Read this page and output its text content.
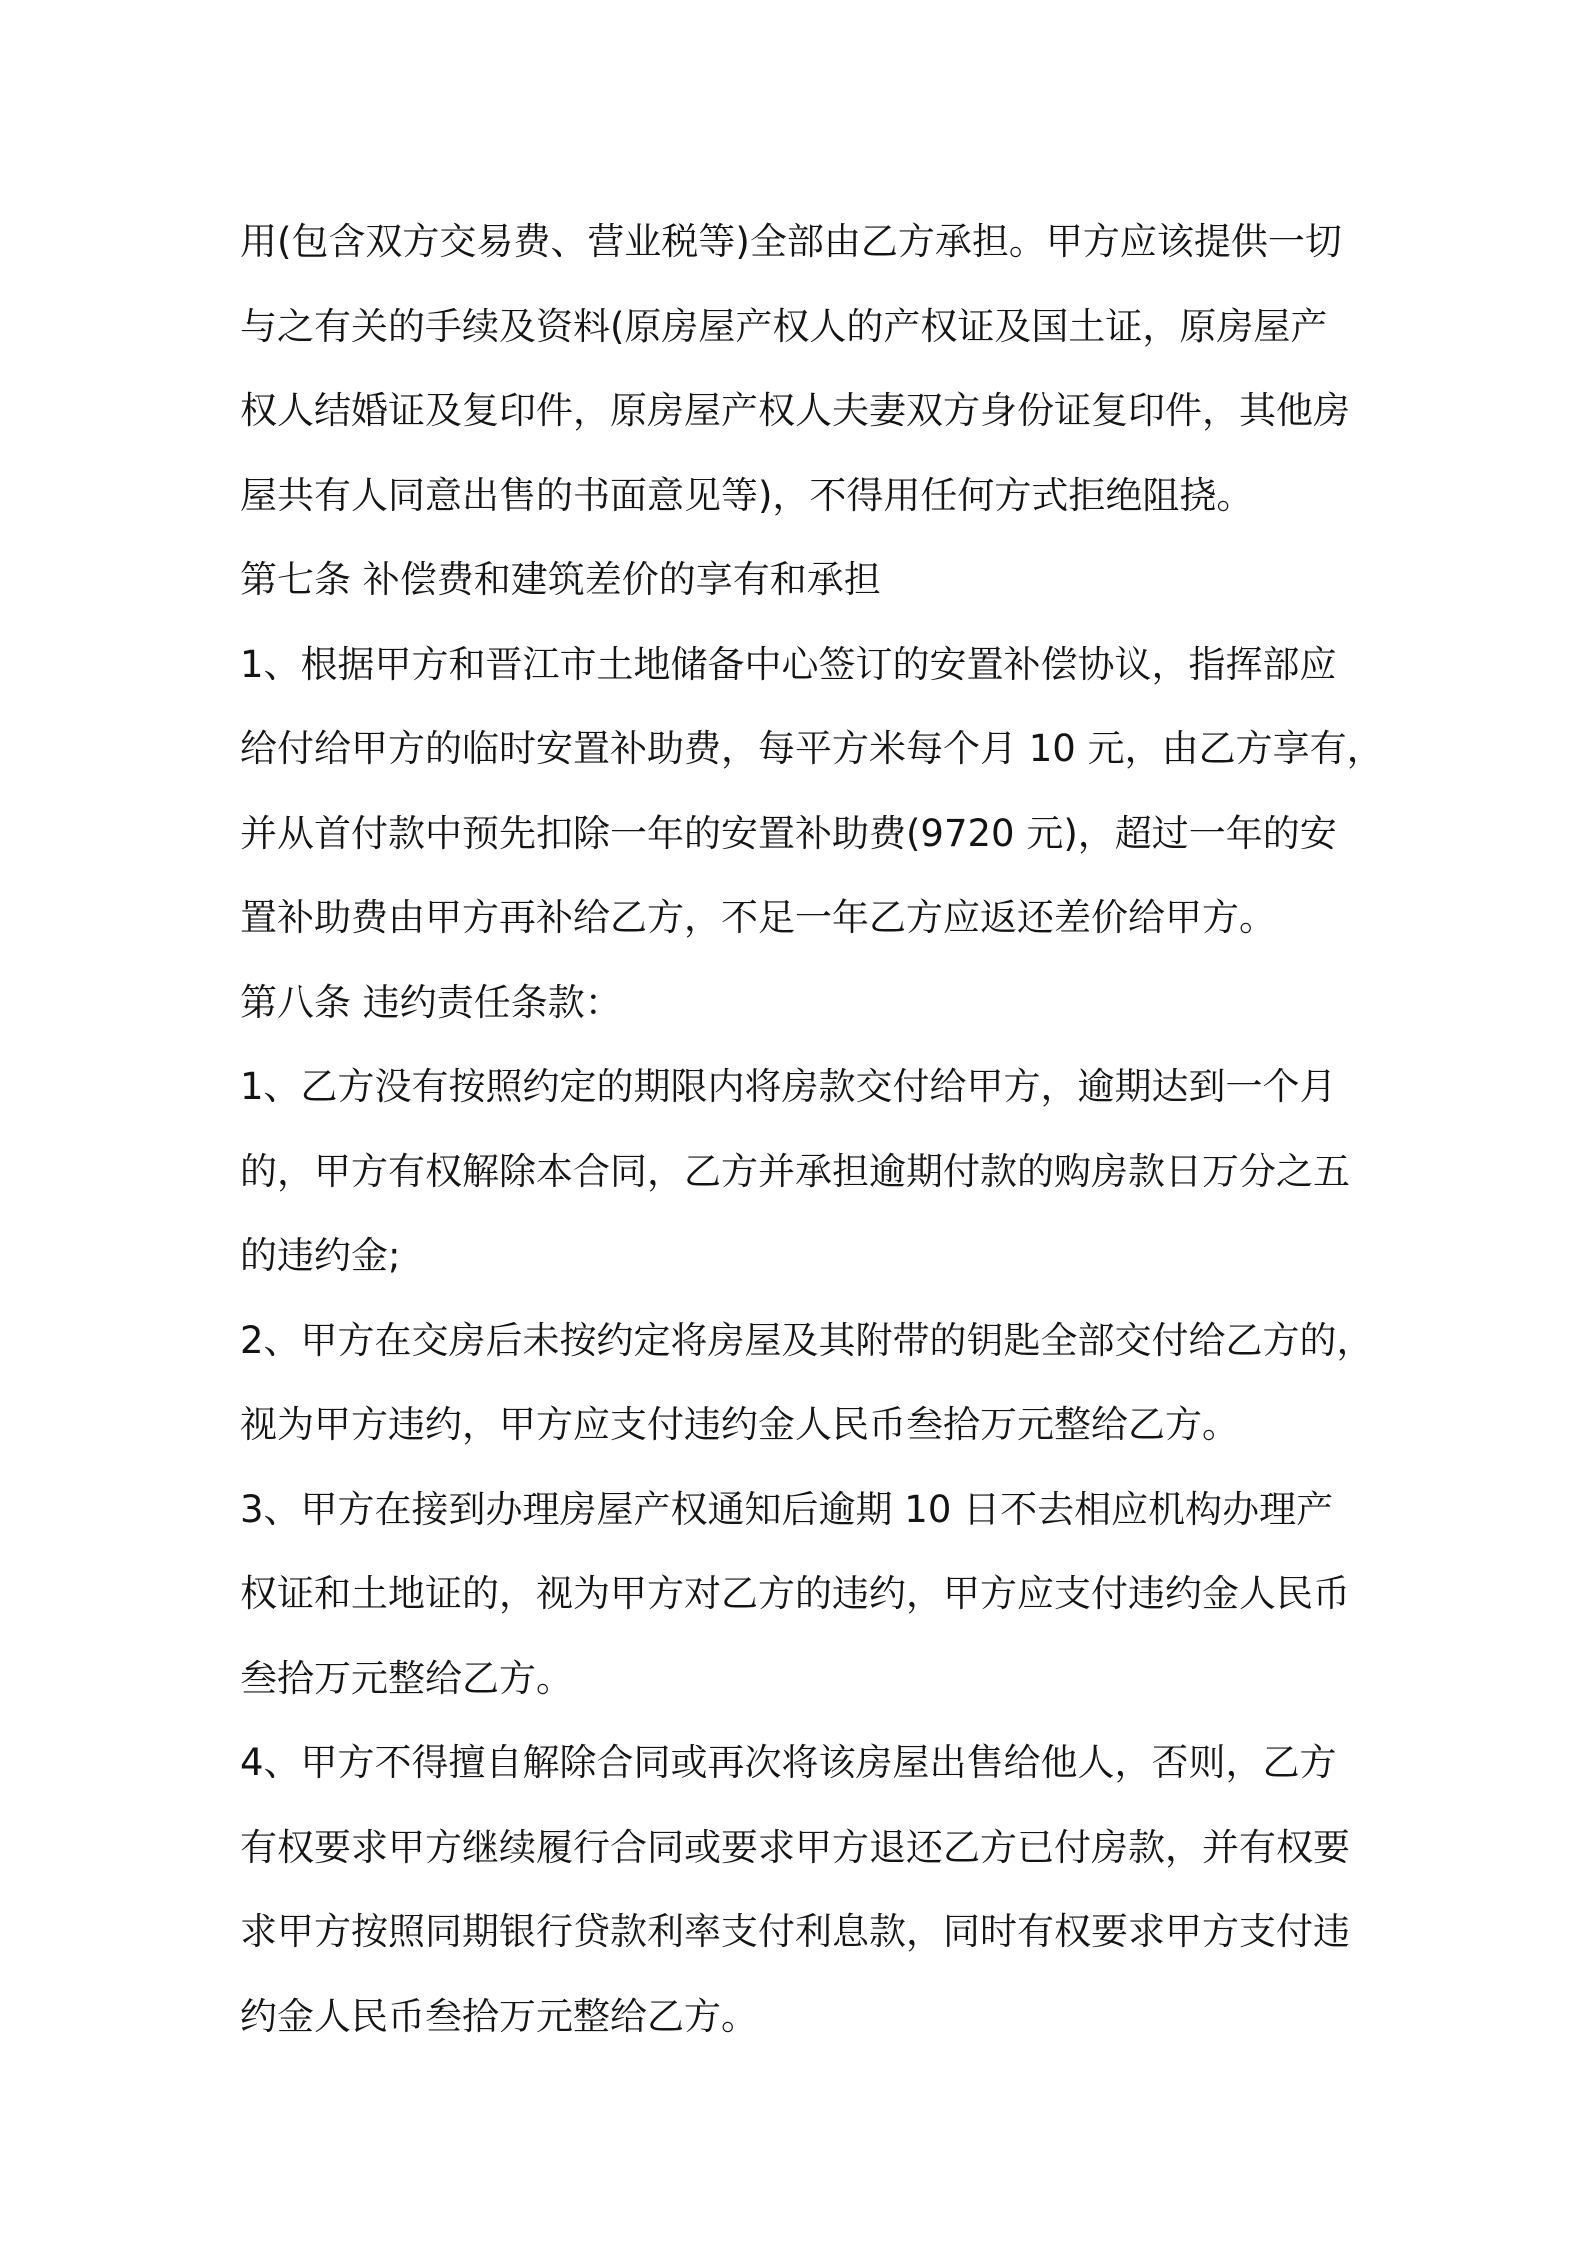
用(包含双方交易费、营业税等)全部由乙方承担。甲方应该提供一切
与之有关的手续及资料(原房屋产权人的产权证及国土证，原房屋产
权人结婚证及复印件，原房屋产权人夫妻双方身份证复印件，其他房
屋共有人同意出售的书面意见等)，不得用任何方式拒绝阻挠。
第七条 补偿费和建筑差价的享有和承担
1、根据甲方和晋江市土地储备中心签订的安置补偿协议，指挥部应
给付给甲方的临时安置补助费，每平方米每个月 10 元，由乙方享有，
并从首付款中预先扣除一年的安置补助费(9720 元)，超过一年的安
置补助费由甲方再补给乙方，不足一年乙方应返还差价给甲方。
第八条 违约责任条款：
1、乙方没有按照约定的期限内将房款交付给甲方，逾期达到一个月
的，甲方有权解除本合同，乙方并承担逾期付款的购房款日万分之五
的违约金;
2、甲方在交房后未按约定将房屋及其附带的钥匙全部交付给乙方的，
视为甲方违约，甲方应支付违约金人民币叁拾万元整给乙方。
3、甲方在接到办理房屋产权通知后逾期 10 日不去相应机构办理产
权证和土地证的，视为甲方对乙方的违约，甲方应支付违约金人民币
叁拾万元整给乙方。
4、甲方不得擅自解除合同或再次将该房屋出售给他人，否则，乙方
有权要求甲方继续履行合同或要求甲方退还乙方已付房款，并有权要
求甲方按照同期银行贷款利率支付利息款，同时有权要求甲方支付违
约金人民币叁拾万元整给乙方。
